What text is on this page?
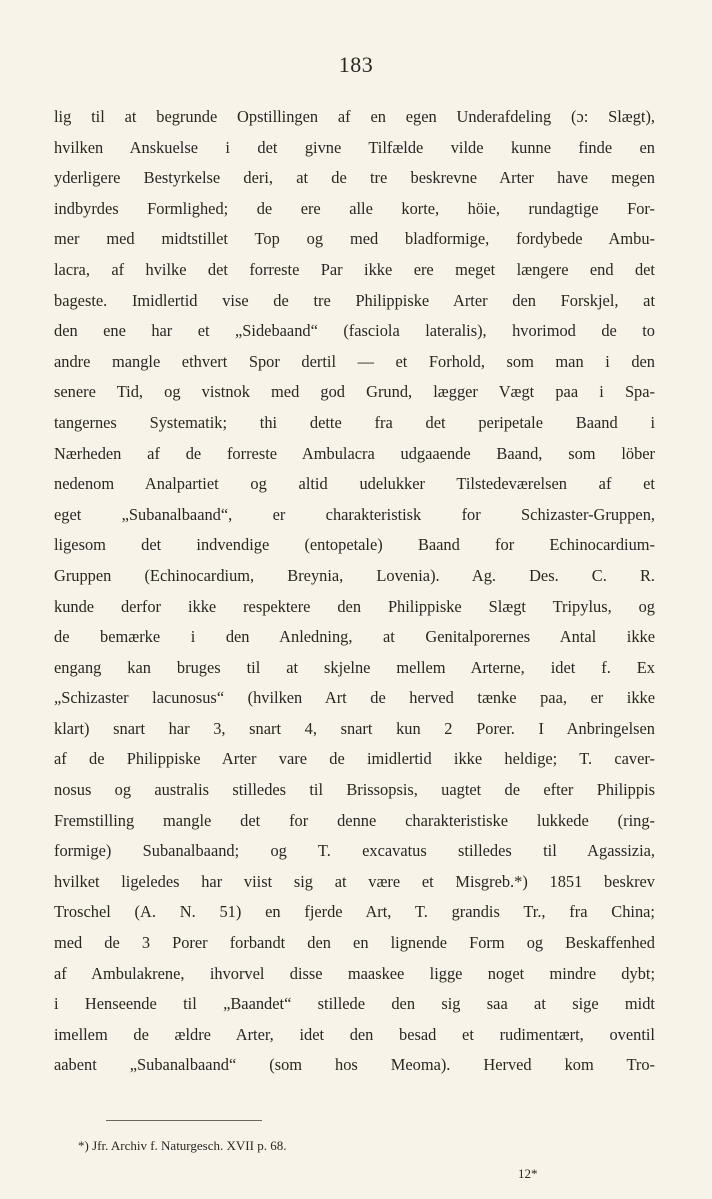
183
lig til at begrunde Opstillingen af en egen Underafdeling (ɔ: Slægt),
hvilken Anskuelse i det givne Tilfælde vilde kunne finde en
yderligere Bestyrkelse deri, at de tre beskrevne Arter have megen
indbyrdes Formlighed; de ere alle korte, höie, rundagtige For-
mer med midtstillet Top og med bladformige, fordybede Ambu-
lacra, af hvilke det forreste Par ikke ere meget længere end det
bageste. Imidlertid vise de tre Philippiske Arter den Forskjel, at
den ene har et „Sidebaand“ (fasciola lateralis), hvorimod de to
andre mangle ethvert Spor dertil — et Forhold, som man i den
senere Tid, og vistnok med god Grund, lægger Vægt paa i Spa-
tangernes Systematik; thi dette fra det peripetale Baand i
Nærheden af de forreste Ambulacra udgaaende Baand, som löber
nedenom Analpartiet og altid udelukker Tilstedeværelsen af et
eget „Subanalbaand“, er charakteristisk for Schizaster-Gruppen,
ligesom det indvendige (entopetale) Baand for Echinocardium-
Gruppen (Echinocardium, Breynia, Lovenia). Ag. Des. C. R.
kunde derfor ikke respektere den Philippiske Slægt Tripylus, og
de bemærke i den Anledning, at Genitalporernes Antal ikke
engang kan bruges til at skjelne mellem Arterne, idet f. Ex
„Schizaster lacunosus“ (hvilken Art de herved tænke paa, er ikke
klart) snart har 3, snart 4, snart kun 2 Porer. I Anbringelsen
af de Philippiske Arter vare de imidlertid ikke heldige; T. caver-
nosus og australis stilledes til Brissopsis, uagtet de efter Philippis
Fremstilling mangle det for denne charakteristiske lukkede (ring-
formige) Subanalbaand; og T. excavatus stilledes til Agassizia,
hvilket ligeledes har viist sig at være et Misgreb.*) 1851 beskrev
Troschel (A. N. 51) en fjerde Art, T. grandis Tr., fra China;
med de 3 Porer forbandt den en lignende Form og Beskaffenhed
af Ambulakrene, ihvorvel disse maaskee ligge noget mindre dybt;
i Henseende til „Baandet“ stillede den sig saa at sige midt
imellem de ældre Arter, idet den besad et rudimentært, oventil
aabent „Subanalbaand“ (som hos Meoma). Herved kom Tro-
*) Jfr. Archiv f. Naturgesch. XVII p. 68.
12*
